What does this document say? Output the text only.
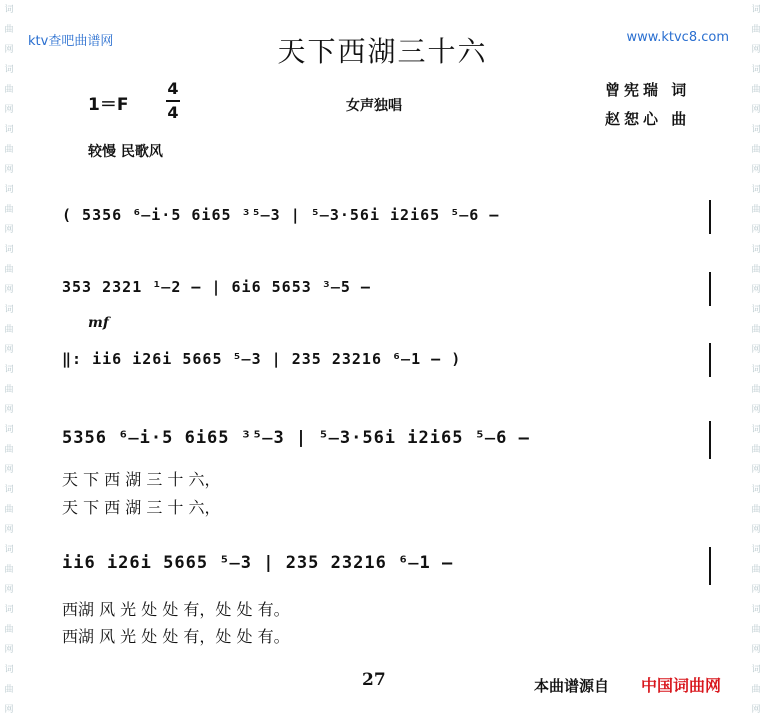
词曲网词曲网词曲网词曲网词曲网词曲网词曲网词曲网词曲网词曲网词曲网词曲网
词曲网词曲网词曲网词曲网词曲网词曲网词曲网词曲网词曲网词曲网词曲网词曲网
ktv查吧曲谱网	www.ktvc8.com
天下西湖三十六
1＝F
4
4	女声独唱
曾宪瑞 词
赵恕心 曲
较慢 民歌风
( 5356 ⁶̶i·5 6i65 ³⁵̶3 | ⁵̶3·56i i2i65 ⁵̶6 —
353 2321 ¹̶2 — | 6i6 5653 ³̶5 —
mf
‖: ii6 i26i 5665 ⁵̶3 | 235 23216 ⁶̶1 — )
5356 ⁶̶i·5 6i65 ³⁵̶3 | ⁵̶3·56i i2i65 ⁵̶6 —
天 下 西 湖 三 十 六，
天 下 西 湖 三 十 六，
ii6 i26i 5665 ⁵̶3 | 235 23216 ⁶̶1 —
西湖 风 光 处 处 有，处 处 有。
西湖 风 光 处 处 有，处 处 有。
27	本曲谱源自 中国词曲网
